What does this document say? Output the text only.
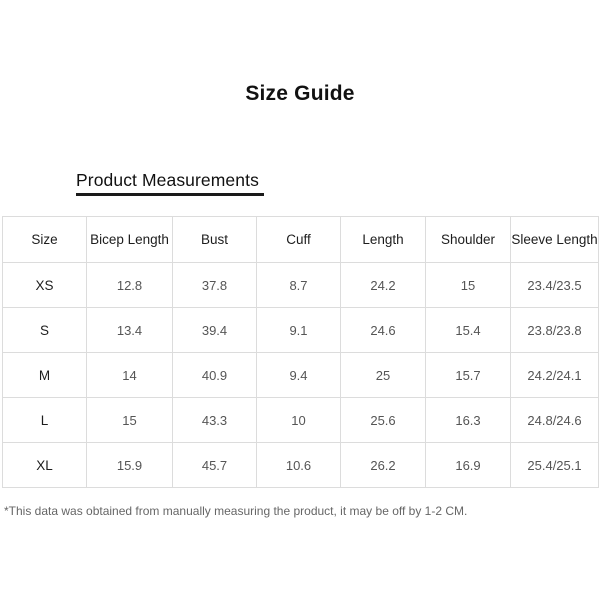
Size Guide
Product Measurements
Size	Bicep Length	Bust	Cuff	Length	Shoulder	Sleeve Length
XS	12.8	37.8	8.7	24.2	15	23.4/23.5
S	13.4	39.4	9.1	24.6	15.4	23.8/23.8
M	14	40.9	9.4	25	15.7	24.2/24.1
L	15	43.3	10	25.6	16.3	24.8/24.6
XL	15.9	45.7	10.6	26.2	16.9	25.4/25.1
*This data was obtained from manually measuring the product, it may be off by 1-2 CM.
